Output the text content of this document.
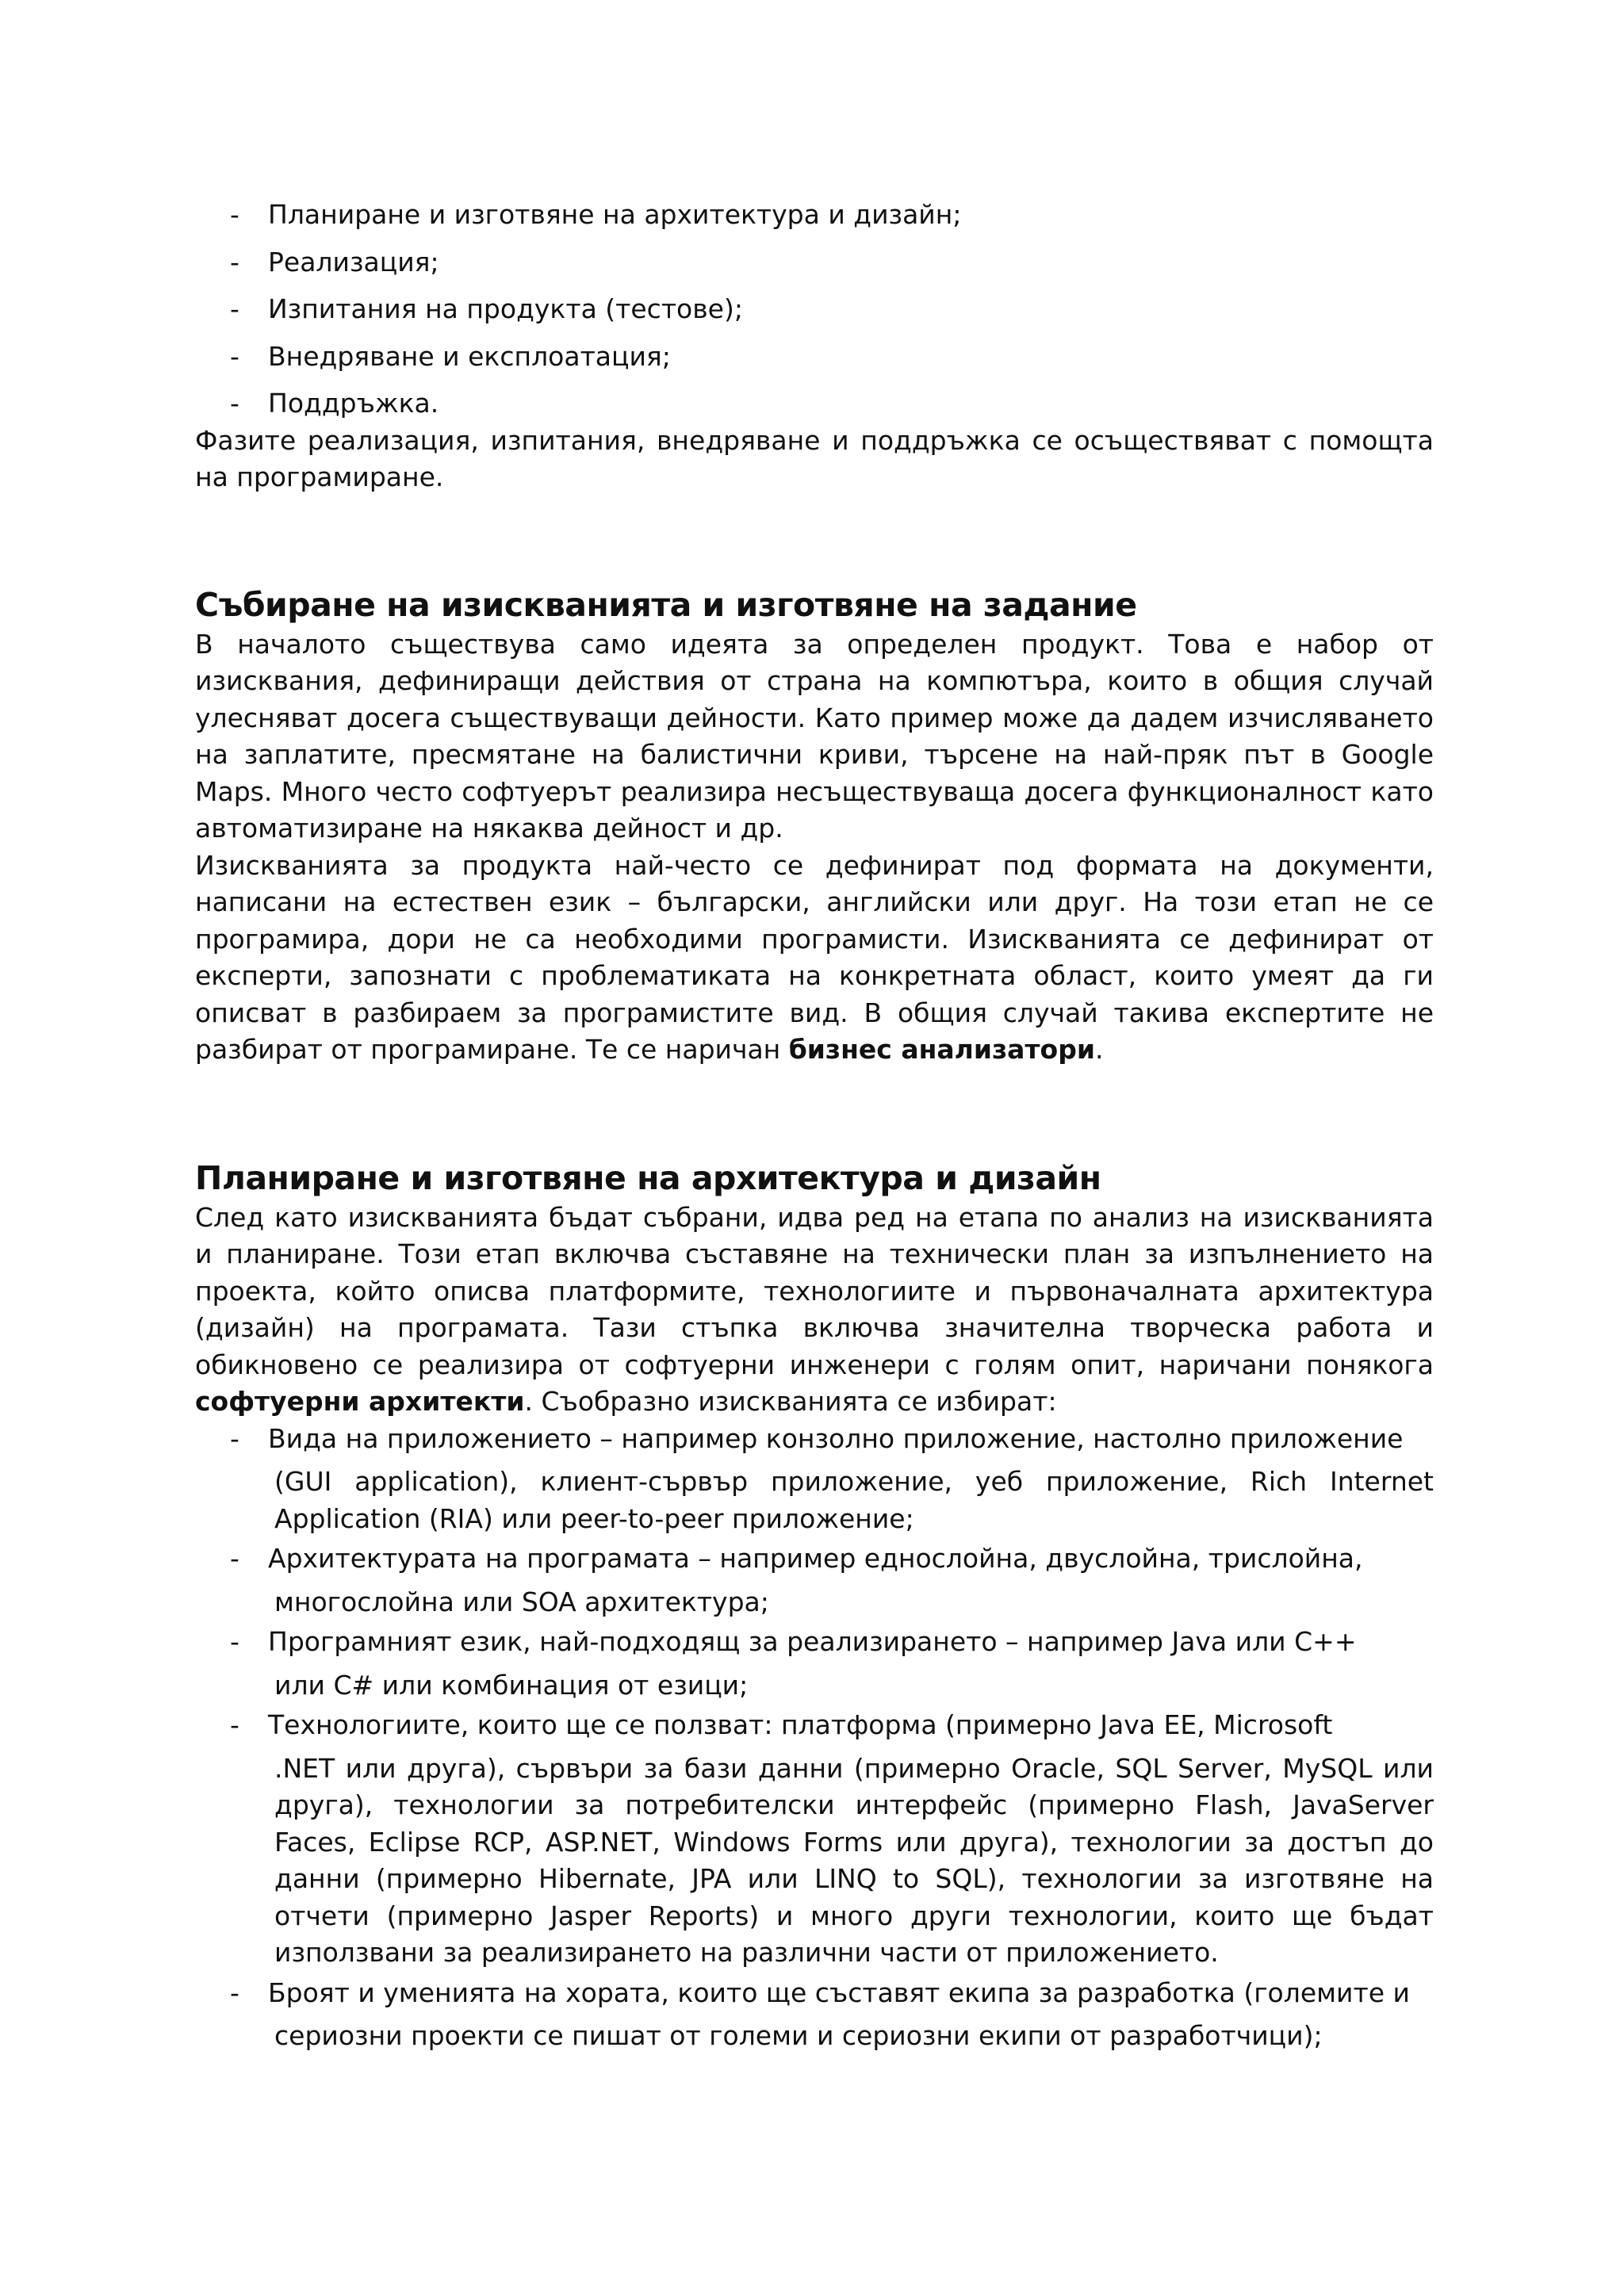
- Планиране и изготвяне на архитектура и дизайн;
- Реализация;
- Изпитания на продукта (тестове);
- Внедряване и експлоатация;
- Поддръжка.

Фазите реализация, изпитания, внедряване и поддръжка се осъществяват с помощта на програмиране.

Събиране на изискванията и изготвяне на задание

В началото съществува само идеята за определен продукт. Това е набор от изисквания, дефиниращи действия от страна на компютъра, които в общия случай улесняват досега съществуващи дейности. Като пример може да дадем изчисляването на заплатите, пресмятане на балистични криви, търсене на най-пряк път в Google Maps. Много често софтуерът реализира несъществуваща досега функционалност като автоматизиране на някаква дейност и др.

Изискванията за продукта най-често се дефинират под формата на документи, написани на естествен език – български, английски или друг. На този етап не се програмира, дори не са необходими програмисти. Изискванията се дефинират от експерти, запознати с проблематиката на конкретната област, които умеят да ги описват в разбираем за програмистите вид. В общия случай такива експертите не разбират от програмиране. Те се наричан бизнес анализатори.

Планиране и изготвяне на архитектура и дизайн

След като изискванията бъдат събрани, идва ред на етапа по анализ на изискванията и планиране. Този етап включва съставяне на технически план за изпълнението на проекта, който описва платформите, технологиите и първоначалната архитектура (дизайн) на програмата. Тази стъпка включва значителна творческа работа и обикновено се реализира от софтуерни инженери с голям опит, наричани понякога софтуерни архитекти. Съобразно изискванията се избират:

- Вида на приложението – например конзолно приложение, настолно приложение
(GUI application), клиент-сървър приложение, уеб приложение, Rich Internet Application (RIA) или peer-to-peer приложение;
- Архитектурата на програмата – например еднослойна, двуслойна, трислойна,
многослойна или SOA архитектура;
- Програмният език, най-подходящ за реализирането – например Java или C++
или C# или комбинация от езици;
- Технологиите, които ще се ползват: платформа (примерно Java EE, Microsoft
.NET или друга), сървъри за бази данни (примерно Oracle, SQL Server, MySQL или друга), технологии за потребителски интерфейс (примерно Flash, JavaServer Faces, Eclipse RCP, ASP.NET, Windows Forms или друга), технологии за достъп до данни (примерно Hibernate, JPA или LINQ to SQL), технологии за изготвяне на отчети (примерно Jasper Reports) и много други технологии, които ще бъдат използвани за реализирането на различни части от приложението.
- Броят и уменията на хората, които ще съставят екипа за разработка (големите и
сериозни проекти се пишат от големи и сериозни екипи от разработчици);
